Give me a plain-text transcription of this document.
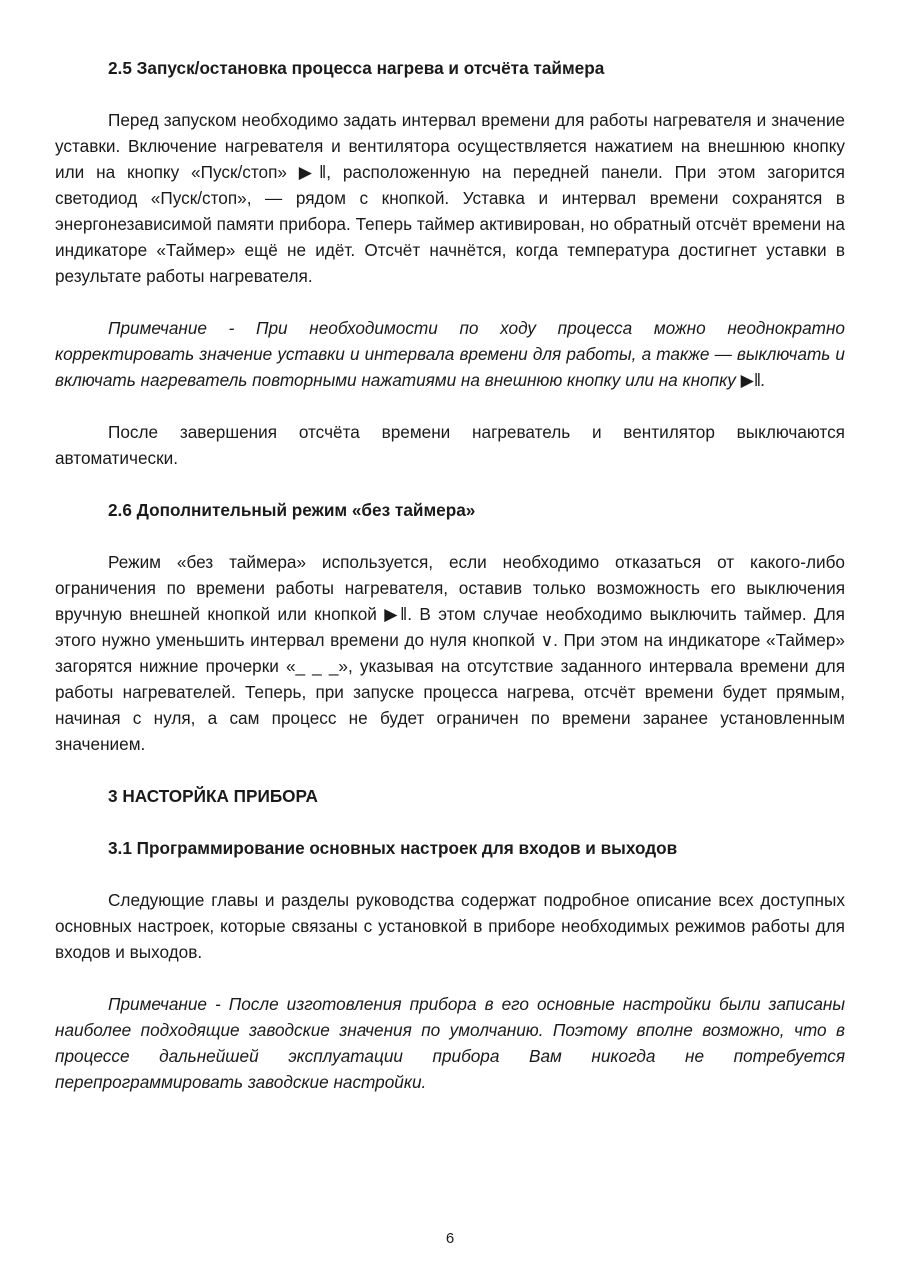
2.5 Запуск/остановка процесса нагрева и отсчёта таймера

Перед запуском необходимо задать интервал времени для работы нагревателя и значение уставки. Включение нагревателя и вентилятора осуществляется нажатием на внешнюю кнопку или на кнопку «Пуск/стоп» ▶ǁ, расположенную на передней панели. При этом загорится светодиод «Пуск/стоп», — рядом с кнопкой. Уставка и интервал времени сохранятся в энергонезависимой памяти прибора. Теперь таймер активирован, но обратный отсчёт времени на индикаторе «Таймер» ещё не идёт. Отсчёт начнётся, когда температура достигнет уставки в результате работы нагревателя.

Примечание - При необходимости по ходу процесса можно неоднократно корректировать значение уставки и интервала времени для работы, а также — выключать и включать нагреватель повторными нажатиями на внешнюю кнопку или на кнопку ▶ǁ.

После завершения отсчёта времени нагреватель и вентилятор выключаются автоматически.

2.6 Дополнительный режим «без таймера»

Режим «без таймера» используется, если необходимо отказаться от какого-либо ограничения по времени работы нагревателя, оставив только возможность его выключения вручную внешней кнопкой или кнопкой ▶ǁ. В этом случае необходимо выключить таймер. Для этого нужно уменьшить интервал времени до нуля кнопкой ∨. При этом на индикаторе «Таймер» загорятся нижние прочерки «_ _ _», указывая на отсутствие заданного интервала времени для работы нагревателей. Теперь, при запуске процесса нагрева, отсчёт времени будет прямым, начиная с нуля, а сам процесс не будет ограничен по времени заранее установленным значением.

3 НАСТОРЙКА ПРИБОРА
3.1 Программирование основных настроек для входов и выходов

Следующие главы и разделы руководства содержат подробное описание всех доступных основных настроек, которые связаны с установкой в приборе необходимых режимов работы для входов и выходов.

Примечание - После изготовления прибора в его основные настройки были записаны наиболее подходящие заводские значения по умолчанию. Поэтому вполне возможно, что в процессе дальнейшей эксплуатации прибора Вам никогда не потребуется перепрограммировать заводские настройки.

6
